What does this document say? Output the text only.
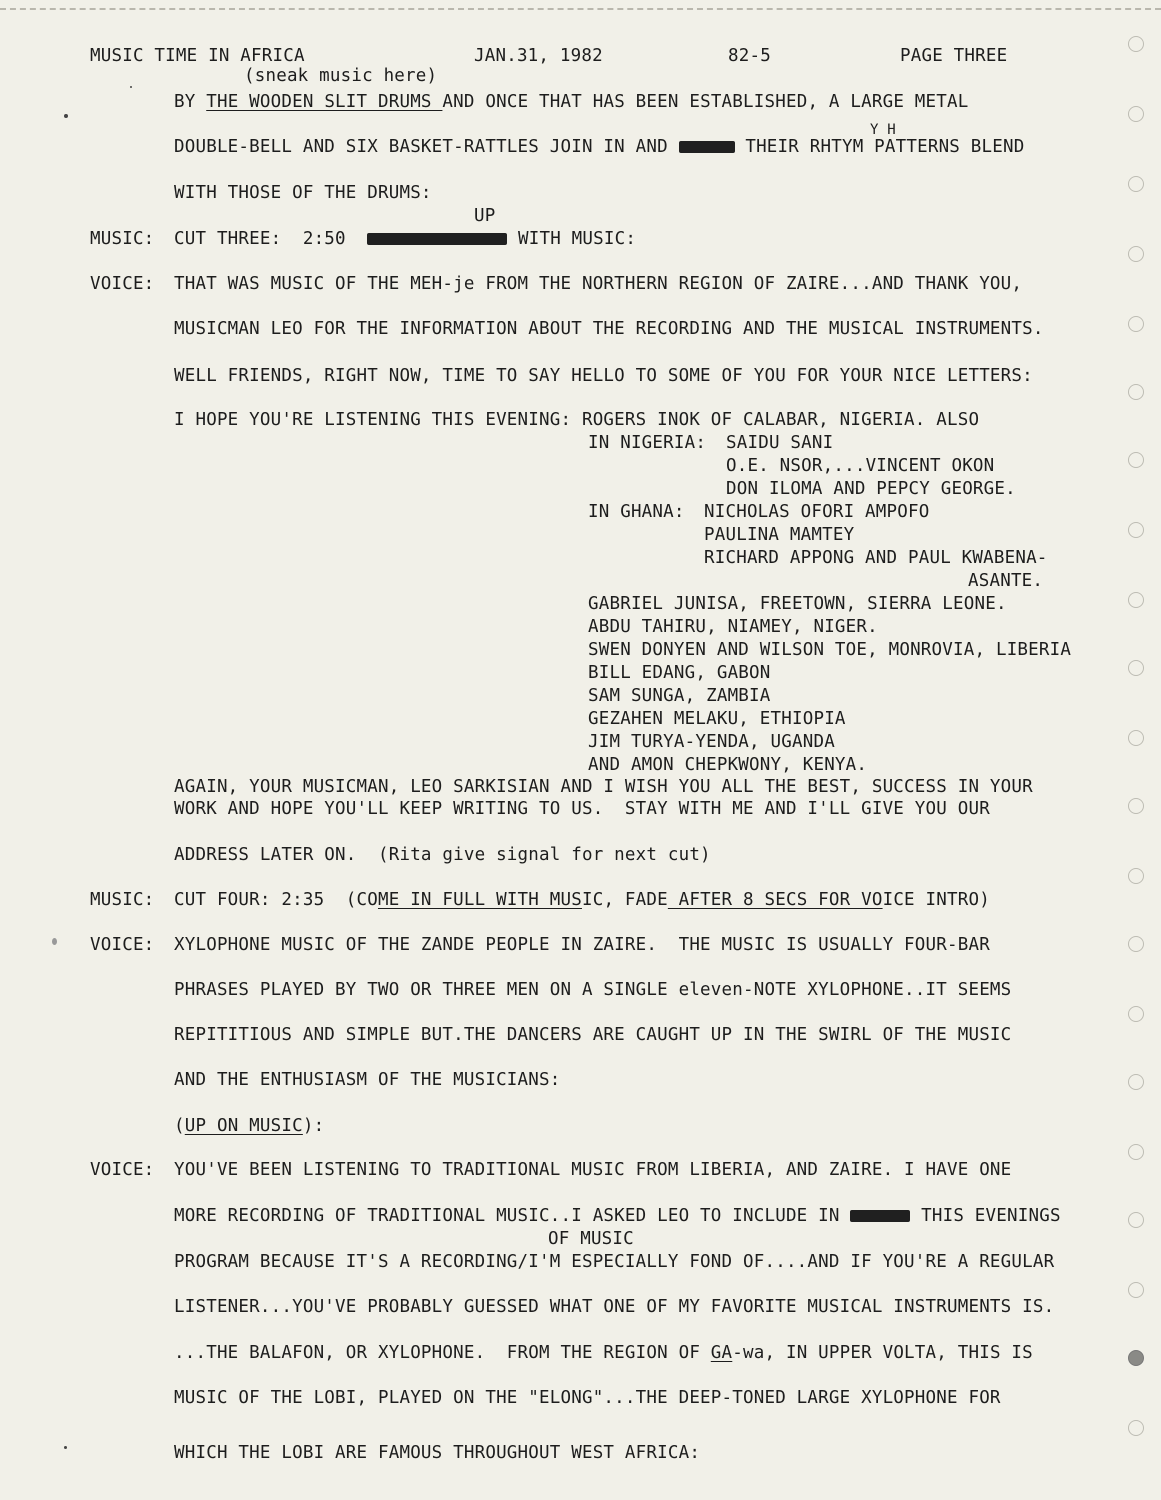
MUSIC TIME IN AFRICA	JAN.31, 1982	82-5	PAGE THREE
(sneak music here)
BY THE WOODEN SLIT DRUMS AND ONCE THAT HAS BEEN ESTABLISHED, A LARGE METAL
Y H
DOUBLE-BELL AND SIX BASKET-RATTLES JOIN IN AND	THEIR RHTYM PATTERNS BLEND
WITH THOSE OF THE DRUMS:
UP
MUSIC: CUT THREE:  2:50	WITH MUSIC:
VOICE: THAT WAS MUSIC OF THE MEH-je FROM THE NORTHERN REGION OF ZAIRE...AND THANK YOU,
MUSICMAN LEO FOR THE INFORMATION ABOUT THE RECORDING AND THE MUSICAL INSTRUMENTS.
WELL FRIENDS, RIGHT NOW, TIME TO SAY HELLO TO SOME OF YOU FOR YOUR NICE LETTERS:
I HOPE YOU'RE LISTENING THIS EVENING: ROGERS INOK OF CALABAR, NIGERIA. ALSO
IN NIGERIA: SAIDU SANI
O.E. NSOR,...VINCENT OKON
DON ILOMA AND PEPCY GEORGE.
IN GHANA: NICHOLAS OFORI AMPOFO
PAULINA MAMTEY
RICHARD APPONG AND PAUL KWABENA-
ASANTE.
GABRIEL JUNISA, FREETOWN, SIERRA LEONE.
ABDU TAHIRU, NIAMEY, NIGER.
SWEN DONYEN AND WILSON TOE, MONROVIA, LIBERIA
BILL EDANG, GABON
SAM SUNGA, ZAMBIA
GEZAHEN MELAKU, ETHIOPIA
JIM TURYA-YENDA, UGANDA
AND AMON CHEPKWONY, KENYA.
AGAIN, YOUR MUSICMAN, LEO SARKISIAN AND I WISH YOU ALL THE BEST, SUCCESS IN YOUR
WORK AND HOPE YOU'LL KEEP WRITING TO US.  STAY WITH ME AND I'LL GIVE YOU OUR
ADDRESS LATER ON.  (Rita give signal for next cut)
MUSIC: CUT FOUR: 2:35  (COME IN FULL WITH MUSIC, FADE AFTER 8 SECS FOR VOICE INTRO)
VOICE: XYLOPHONE MUSIC OF THE ZANDE PEOPLE IN ZAIRE.  THE MUSIC IS USUALLY FOUR-BAR
PHRASES PLAYED BY TWO OR THREE MEN ON A SINGLE eleven-NOTE XYLOPHONE..IT SEEMS
REPITITIOUS AND SIMPLE BUT.THE DANCERS ARE CAUGHT UP IN THE SWIRL OF THE MUSIC
AND THE ENTHUSIASM OF THE MUSICIANS:
(UP ON MUSIC):
VOICE: YOU'VE BEEN LISTENING TO TRADITIONAL MUSIC FROM LIBERIA, AND ZAIRE. I HAVE ONE
MORE RECORDING OF TRADITIONAL MUSIC..I ASKED LEO TO INCLUDE IN	THIS EVENINGS
OF MUSIC
PROGRAM BECAUSE IT'S A RECORDING/I'M ESPECIALLY FOND OF....AND IF YOU'RE A REGULAR
LISTENER...YOU'VE PROBABLY GUESSED WHAT ONE OF MY FAVORITE MUSICAL INSTRUMENTS IS.
...THE BALAFON, OR XYLOPHONE.  FROM THE REGION OF GA-wa, IN UPPER VOLTA, THIS IS
MUSIC OF THE LOBI, PLAYED ON THE "ELONG"...THE DEEP-TONED LARGE XYLOPHONE FOR
WHICH THE LOBI ARE FAMOUS THROUGHOUT WEST AFRICA:
